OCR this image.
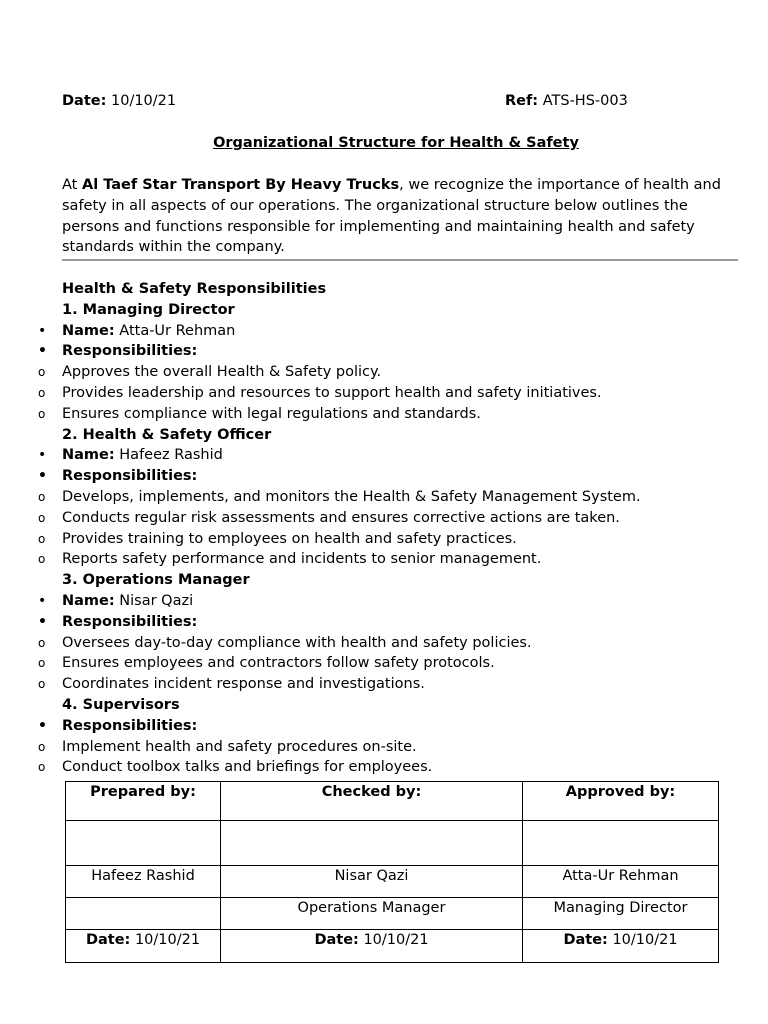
Date: 10/10/21	Ref: ATS-HS-003
Organizational Structure for Health & Safety
At Al Taef Star Transport By Heavy Trucks, we recognize the importance of health and safety in all aspects of our operations. The organizational structure below outlines the persons and functions responsible for implementing and maintaining health and safety standards within the company.
Health & Safety Responsibilities
1. Managing Director
•	Name: Atta-Ur Rehman
•	Responsibilities:
o	Approves the overall Health & Safety policy.
o	Provides leadership and resources to support health and safety initiatives.
o	Ensures compliance with legal regulations and standards.
2. Health & Safety Officer
•	Name: Hafeez Rashid
•	Responsibilities:
o	Develops, implements, and monitors the Health & Safety Management System.
o	Conducts regular risk assessments and ensures corrective actions are taken.
o	Provides training to employees on health and safety practices.
o	Reports safety performance and incidents to senior management.
3. Operations Manager
•	Name: Nisar Qazi
•	Responsibilities:
o	Oversees day-to-day compliance with health and safety policies.
o	Ensures employees and contractors follow safety protocols.
o	Coordinates incident response and investigations.
4. Supervisors
•	Responsibilities:
o	Implement health and safety procedures on-site.
o	Conduct toolbox talks and briefings for employees.
Prepared by:	Checked by:	Approved by:

Hafeez Rashid	Nisar Qazi	Atta-Ur Rehman
	Operations Manager	Managing Director
Date: 10/10/21	Date: 10/10/21	Date: 10/10/21
